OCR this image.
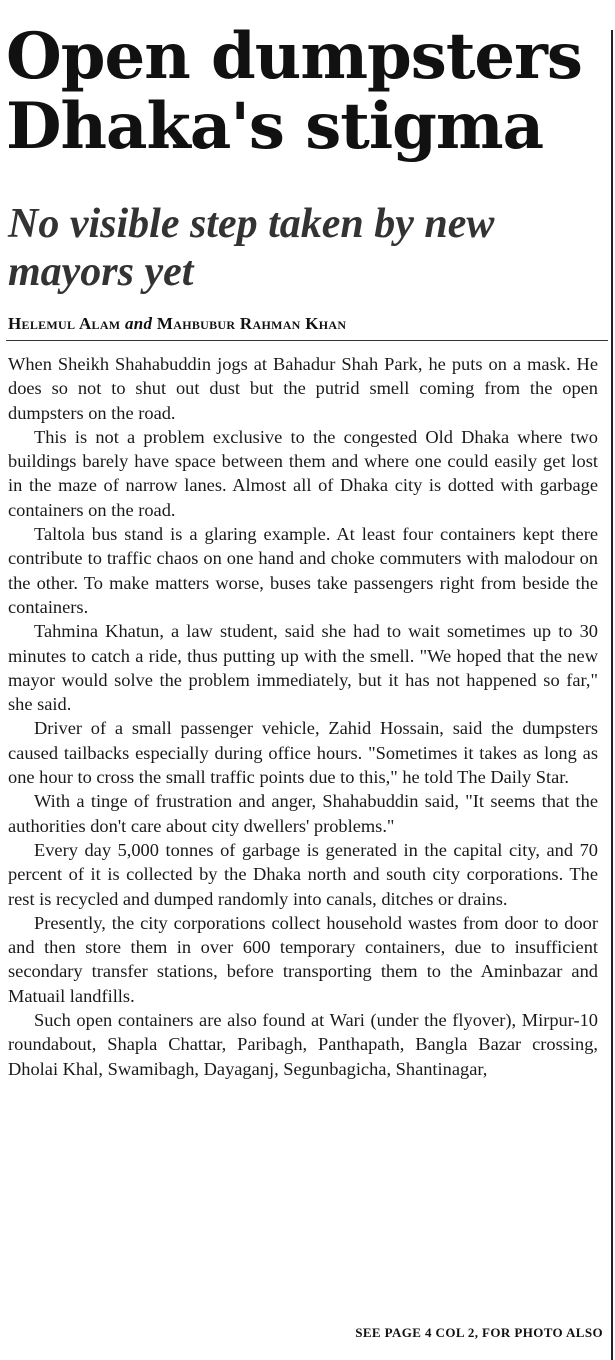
Open dumpsters Dhaka's stigma
No visible step taken by new mayors yet
Helemul Alam and Mahbubur Rahman Khan

When Sheikh Shahabuddin jogs at Bahadur Shah Park, he puts on a mask. He does so not to shut out dust but the putrid smell coming from the open dumpsters on the road.

This is not a problem exclusive to the congested Old Dhaka where two buildings barely have space between them and where one could easily get lost in the maze of narrow lanes. Almost all of Dhaka city is dotted with garbage containers on the road.

Taltola bus stand is a glaring example. At least four containers kept there contribute to traffic chaos on one hand and choke commuters with malodour on the other. To make matters worse, buses take passengers right from beside the containers.

Tahmina Khatun, a law student, said she had to wait sometimes up to 30 minutes to catch a ride, thus putting up with the smell. "We hoped that the new mayor would solve the problem immediately, but it has not happened so far," she said.

Driver of a small passenger vehicle, Zahid Hossain, said the dumpsters caused tailbacks especially during office hours. "Sometimes it takes as long as one hour to cross the small traffic points due to this," he told The Daily Star.

With a tinge of frustration and anger, Shahabuddin said, "It seems that the authorities don't care about city dwellers' problems."

Every day 5,000 tonnes of garbage is generated in the capital city, and 70 percent of it is collected by the Dhaka north and south city corporations. The rest is recycled and dumped randomly into canals, ditches or drains.

Presently, the city corporations collect household wastes from door to door and then store them in over 600 temporary containers, due to insufficient secondary transfer stations, before transporting them to the Aminbazar and Matuail landfills.

Such open containers are also found at Wari (under the flyover), Mirpur-10 roundabout, Shapla Chattar, Paribagh, Panthapath, Bangla Bazar crossing, Dholai Khal, Swamibagh, Dayaganj, Segunbagicha, Shantinagar,

SEE PAGE 4 COL 2, FOR PHOTO ALSO
